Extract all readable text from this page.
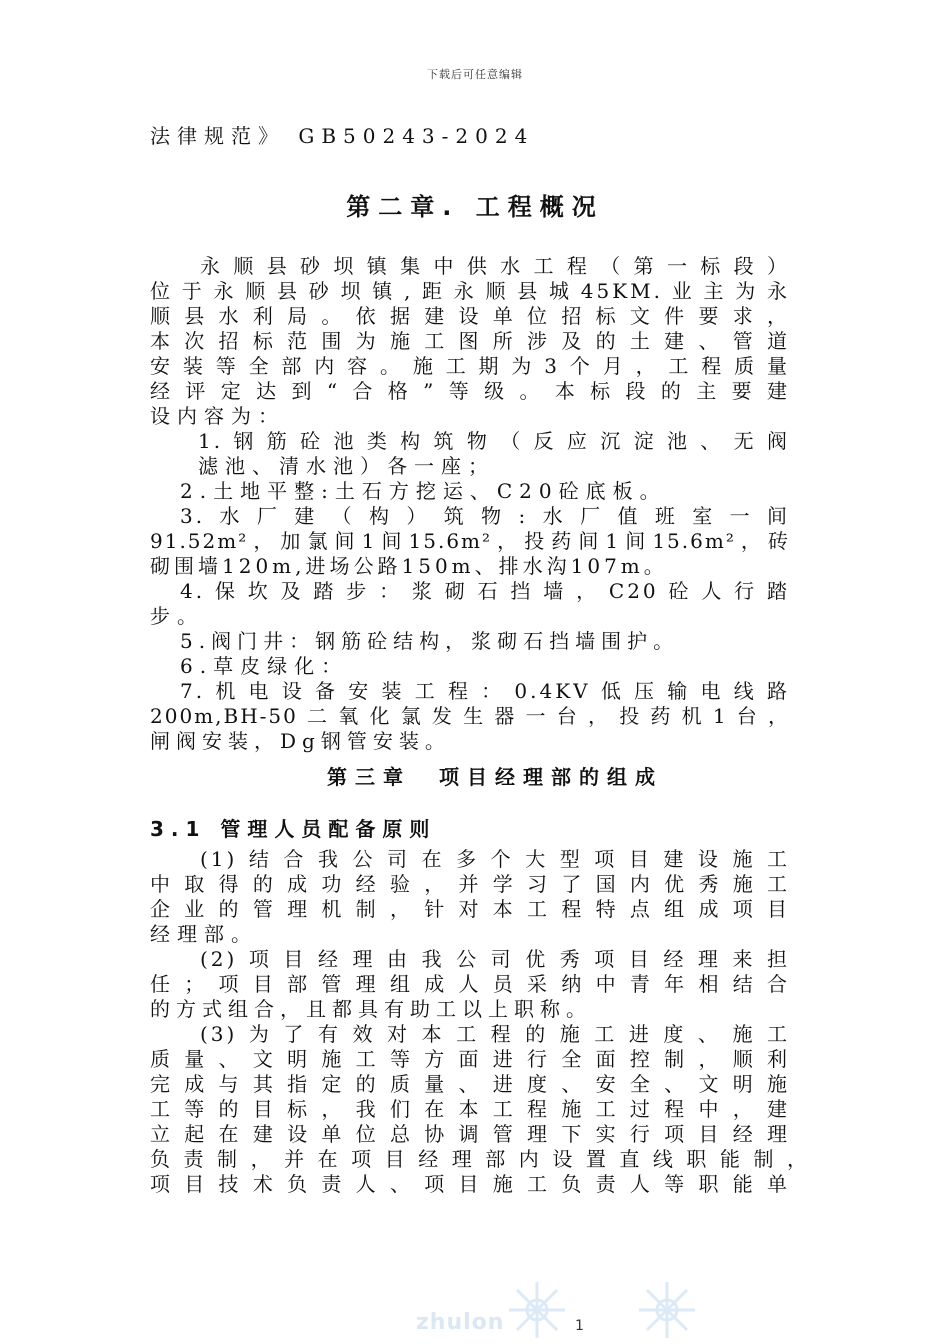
下载后可任意编辑
法律规范》 GB50243-2024
第二章. 工程概况
永顺县砂坝镇集中供水工程（第一标段）
位于永顺县砂坝镇,距永顺县城45KM.业主为永
顺县水利局。依据建设单位招标文件要求，
本次招标范围为施工图所涉及的土建、管道
安装等全部内容。施工期为3个月，工程质量
经评定达到“合格”等级。本标段的主要建
设内容为：
1.钢筋砼池类构筑物（反应沉淀池、无阀
滤池、清水池）各一座；
2.土地平整:土石方挖运、C20砼底板。
3.水厂建（构）筑物:水厂值班室一间
91.52m²，加氯间1间15.6m²，投药间1间15.6m²，砖
砌围墙120m,进场公路150m、排水沟107m。
4.保坎及踏步：浆砌石挡墙，C20砼人行踏
步。
5.阀门井：钢筋砼结构，浆砌石挡墙围护。
6.草皮绿化：
7.机电设备安装工程：0.4KV低压输电线路
200m,BH-50二氧化氯发生器一台，投药机1台，
闸阀安装，Dg钢管安装。
第三章　项目经理部的组成
3.1 管理人员配备原则
(1)结合我公司在多个大型项目建设施工
中取得的成功经验，并学习了国内优秀施工
企业的管理机制，针对本工程特点组成项目
经理部。
(2)项目经理由我公司优秀项目经理来担
任；项目部管理组成人员采纳中青年相结合
的方式组合，且都具有助工以上职称。
(3)为了有效对本工程的施工进度、施工
质量、文明施工等方面进行全面控制，顺利
完成与其指定的质量、进度、安全、文明施
工等的目标，我们在本工程施工过程中，建
立起在建设单位总协调管理下实行项目经理
负责制，并在项目经理部内设置直线职能制，
项目技术负责人、项目施工负责人等职能单
zhulon	1
